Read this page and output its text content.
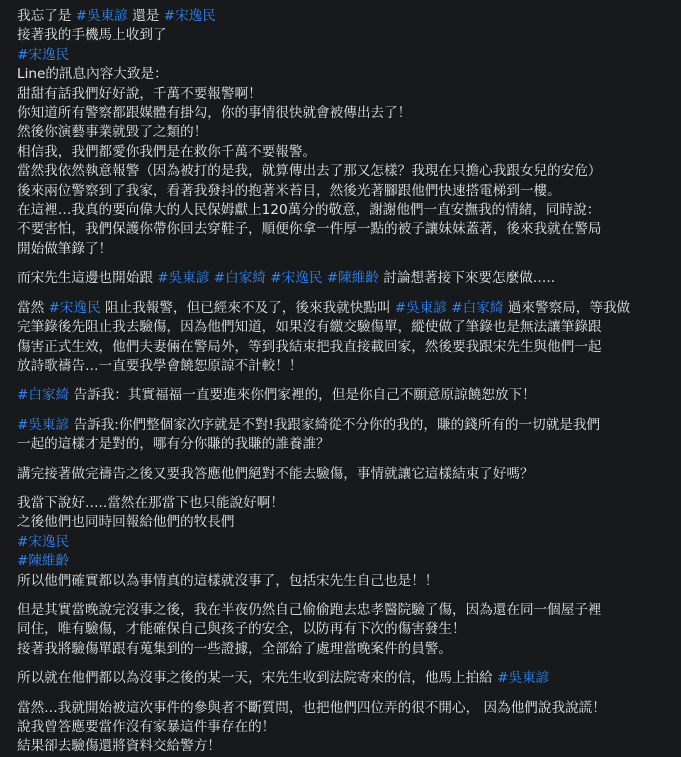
我忘了是 #吳東諺 還是 #宋逸民
接著我的手機馬上收到了
#宋逸民
Line的訊息內容大致是：
甜甜有話我們好好說，千萬不要報警啊！
你知道所有警察都跟媒體有掛勾，你的事情很快就會被傳出去了！
然後你演藝事業就毀了之類的！
相信我，我們都愛你我們是在救你千萬不要報警。
當然我依然執意報警（因為被打的是我，就算傳出去了那又怎樣？我現在只擔心我跟女兒的安危）
後來兩位警察到了我家，看著我發抖的抱著米苔目，然後光著腳跟他們快速搭電梯到一樓。
在這裡…我真的要向偉大的人民保姆獻上120萬分的敬意，謝謝他們一直安撫我的情緒，同時說：
不要害怕，我們保護你帶你回去穿鞋子，順便你拿一件厚一點的被子讓妹妹蓋著，後來我就在警局
開始做筆錄了！
而宋先生這邊也開始跟 #吳東諺 #白家綺 #宋逸民 #陳維齡 討論想著接下來要怎麼做…..
當然 #宋逸民 阻止我報警，但已經來不及了，後來我就快點叫 #吳東諺 #白家綺 過來警察局，等我做
完筆錄後先阻止我去驗傷，因為他們知道，如果沒有繳交驗傷單，縱使做了筆錄也是無法讓筆錄跟
傷害正式生效，他們夫妻倆在警局外，等到我結束把我直接載回家，然後要我跟宋先生與他們一起
放詩歌禱告…一直要我學會饒恕原諒不計較！！
#白家綺 告訴我：其實福福一直要進來你們家裡的，但是你自己不願意原諒饒恕放下！
#吳東諺 告訴我:你們整個家次序就是不對!我跟家綺從不分你的我的，賺的錢所有的一切就是我們
一起的這樣才是對的，哪有分你賺的我賺的誰養誰？
講完接著做完禱告之後又要我答應他們絕對不能去驗傷，事情就讓它這樣結束了好嗎？
我當下說好…..當然在那當下也只能說好啊！
之後他們也同時回報給他們的牧長們
#宋逸民
#陳維齡
所以他們確實都以為事情真的這樣就沒事了，包括宋先生自己也是！！
但是其實當晚說完沒事之後，我在半夜仍然自己偷偷跑去忠孝醫院驗了傷，因為還在同一個屋子裡
同住，唯有驗傷，才能確保自己與孩子的安全，以防再有下次的傷害發生！
接著我將驗傷單跟有蒐集到的一些證據，全部給了處理當晚案件的員警。
所以就在他們都以為沒事之後的某一天，宋先生收到法院寄來的信，他馬上拍給 #吳東諺
當然…我就開始被這次事件的參與者不斷質問，也把他們四位弄的很不開心， 因為他們說我說謊！
說我曾答應要當作沒有家暴這件事存在的！
結果卻去驗傷還將資料交給警方！
